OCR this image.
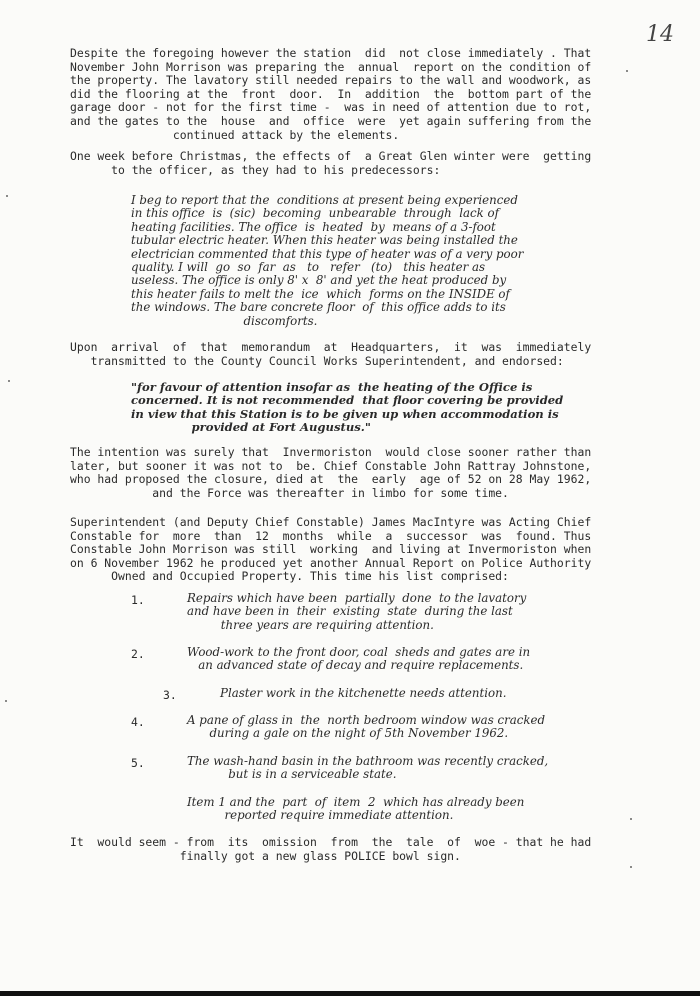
14
Despite the foregoing however the station  did  not close immediately . That
November John Morrison was preparing the  annual  report on the condition of
the property. The lavatory still needed repairs to the wall and woodwork, as
did the flooring at the  front  door.  In  addition  the  bottom part of the
garage door - not for the first time -  was in need of attention due to rot,
and the gates to the  house  and  office  were  yet again suffering from the
continued attack by the elements.
One week before Christmas, the effects of  a Great Glen winter were  getting
to the officer, as they had to his predecessors:
I beg to report that the  conditions at present being experienced
in this office  is  (sic)  becoming  unbearable  through  lack of
heating facilities. The office  is  heated  by  means of a 3-foot
tubular electric heater. When this heater was being installed the
electrician commented that this type of heater was of a very poor
quality. I will  go  so  far  as   to   refer   (to)   this heater as
useless. The office is only 8' x  8' and yet the heat produced by
this heater fails to melt the  ice  which  forms on the INSIDE of
the windows. The bare concrete floor  of  this office adds to its
discomforts.
Upon  arrival  of  that  memorandum  at  Headquarters,  it  was  immediately
transmitted to the County Council Works Superintendent, and endorsed:
"for favour of attention insofar as  the heating of the Office is
concerned. It is not recommended  that floor covering be provided
in view that this Station is to be given up when accommodation is
provided at Fort Augustus."
The intention was surely that  Invermoriston  would close sooner rather than
later, but sooner it was not to  be. Chief Constable John Rattray Johnstone,
who had proposed the closure, died at  the  early  age of 52 on 28 May 1962,
and the Force was thereafter in limbo for some time.
Superintendent (and Deputy Chief Constable) James MacIntyre was Acting Chief
Constable for  more  than  12  months  while  a  successor  was  found. Thus
Constable John Morrison was still  working  and living at Invermoriston when
on 6 November 1962 he produced yet another Annual Report on Police Authority
Owned and Occupied Property. This time his list comprised:
1.	Repairs which have been  partially  done  to the lavatory
and have been in  their  existing  state  during the last
three years are requiring attention.
2.	Wood-work to the front door, coal  sheds and gates are in
an advanced state of decay and require replacements.
3.	Plaster work in the kitchenette needs attention.
4.	A pane of glass in  the  north bedroom window was cracked
during a gale on the night of 5th November 1962.
5.	The wash-hand basin in the bathroom was recently cracked,
but is in a serviceable state.
Item 1 and the  part  of  item  2  which has already been
reported require immediate attention.
It  would seem - from  its  omission  from  the  tale  of  woe - that he had
finally got a new glass POLICE bowl sign.
